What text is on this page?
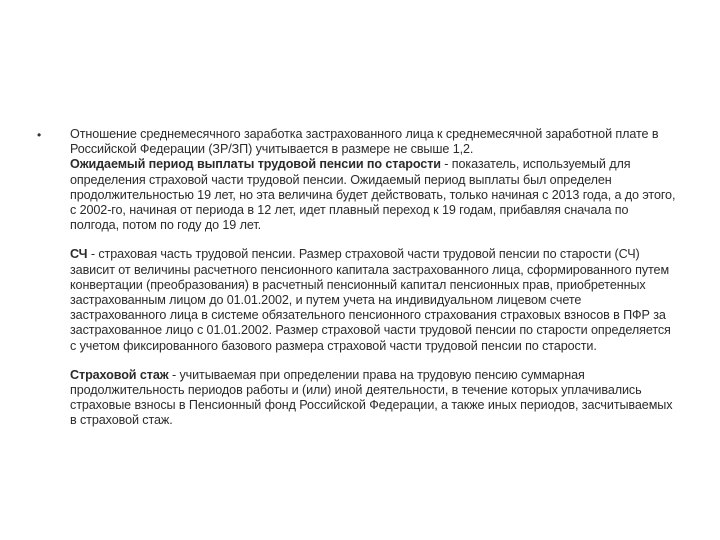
• Отношение среднемесячного заработка застрахованного лица к среднемесячной заработной плате в Российской Федерации (ЗР/ЗП) учитывается в размере не свыше 1,2.

Ожидаемый период выплаты трудовой пенсии по старости - показатель, используемый для определения страховой части трудовой пенсии. Ожидаемый период выплаты был определен продолжительностью 19 лет, но эта величина будет действовать, только начиная с 2013 года, а до этого, с 2002-го, начиная от периода в 12 лет, идет плавный переход к 19 годам, прибавляя сначала по полгода, потом по году до 19 лет.

СЧ - страховая часть трудовой пенсии. Размер страховой части трудовой пенсии по старости (СЧ) зависит от величины расчетного пенсионного капитала застрахованного лица, сформированного путем конвертации (преобразования) в расчетный пенсионный капитал пенсионных прав, приобретенных застрахованным лицом до 01.01.2002, и путем учета на индивидуальном лицевом счете застрахованного лица в системе обязательного пенсионного страхования страховых взносов в ПФР за застрахованное лицо с 01.01.2002. Размер страховой части трудовой пенсии по старости определяется с учетом фиксированного базового размера страховой части трудовой пенсии по старости.

Страховой стаж - учитываемая при определении права на трудовую пенсию суммарная продолжительность периодов работы и (или) иной деятельности, в течение которых уплачивались страховые взносы в Пенсионный фонд Российской Федерации, а также иных периодов, засчитываемых в страховой стаж.
